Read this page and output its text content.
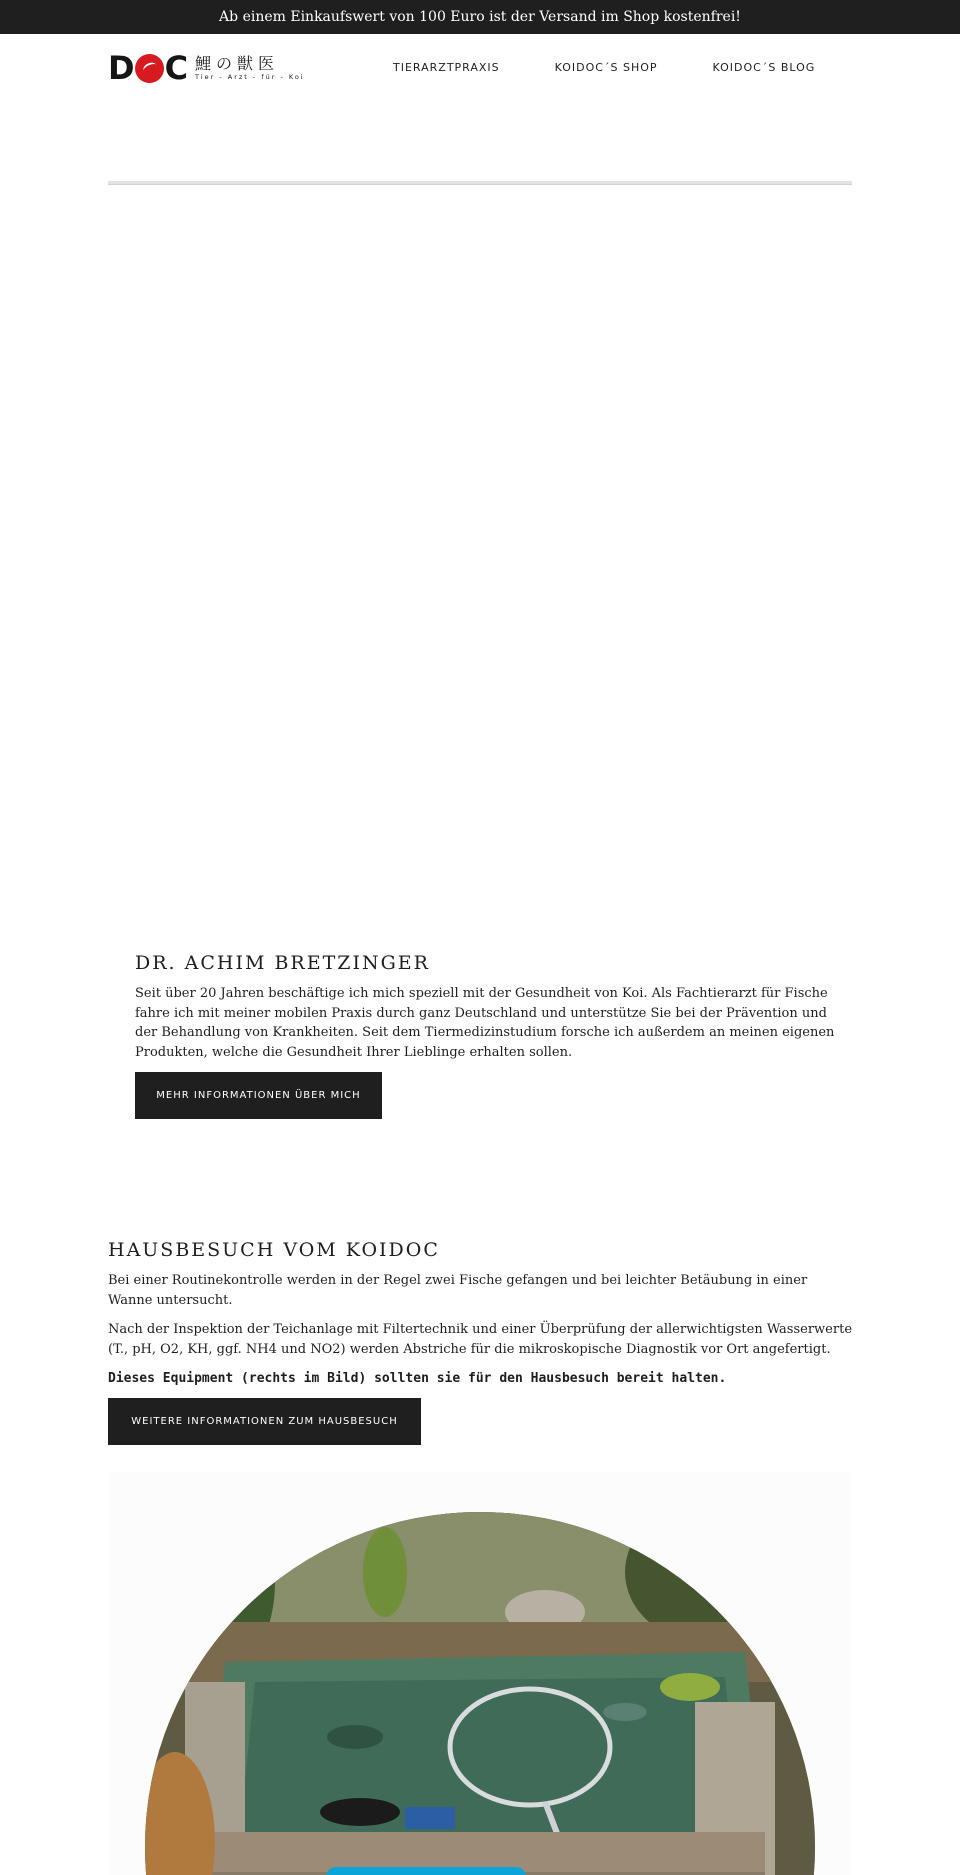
Ab einem Einkaufswert von 100 Euro ist der Versand im Shop kostenfrei!
D C 鯉の獣医
Tier - Arzt - für - Koi
TIERARZTPRAXIS	KOIDOC´S SHOP	KOIDOC´S BLOG
DR. ACHIM BRETZINGER

Seit über 20 Jahren beschäftige ich mich speziell mit der Gesundheit von Koi. Als Fachtierarzt für Fische fahre ich mit meiner mobilen Praxis durch ganz Deutschland und unterstütze Sie bei der Prävention und der Behandlung von Krankheiten. Seit dem Tiermedizinstudium forsche ich außerdem an meinen eigenen Produkten, welche die Gesundheit Ihrer Lieblinge erhalten sollen.

MEHR INFORMATIONEN ÜBER MICH
HAUSBESUCH VOM KOIDOC

Bei einer Routinekontrolle werden in der Regel zwei Fische gefangen und bei leichter Betäubung in einer Wanne untersucht.

Nach der Inspektion der Teichanlage mit Filtertechnik und einer Überprüfung der allerwichtigsten Wasserwerte (T., pH, O2, KH, ggf. NH4 und NO2) werden Abstriche für die mikroskopische Diagnostik vor Ort angefertigt.

Dieses Equipment (rechts im Bild) sollten sie für den Hausbesuch bereit halten.

WEITERE INFORMATIONEN ZUM HAUSBESUCH
